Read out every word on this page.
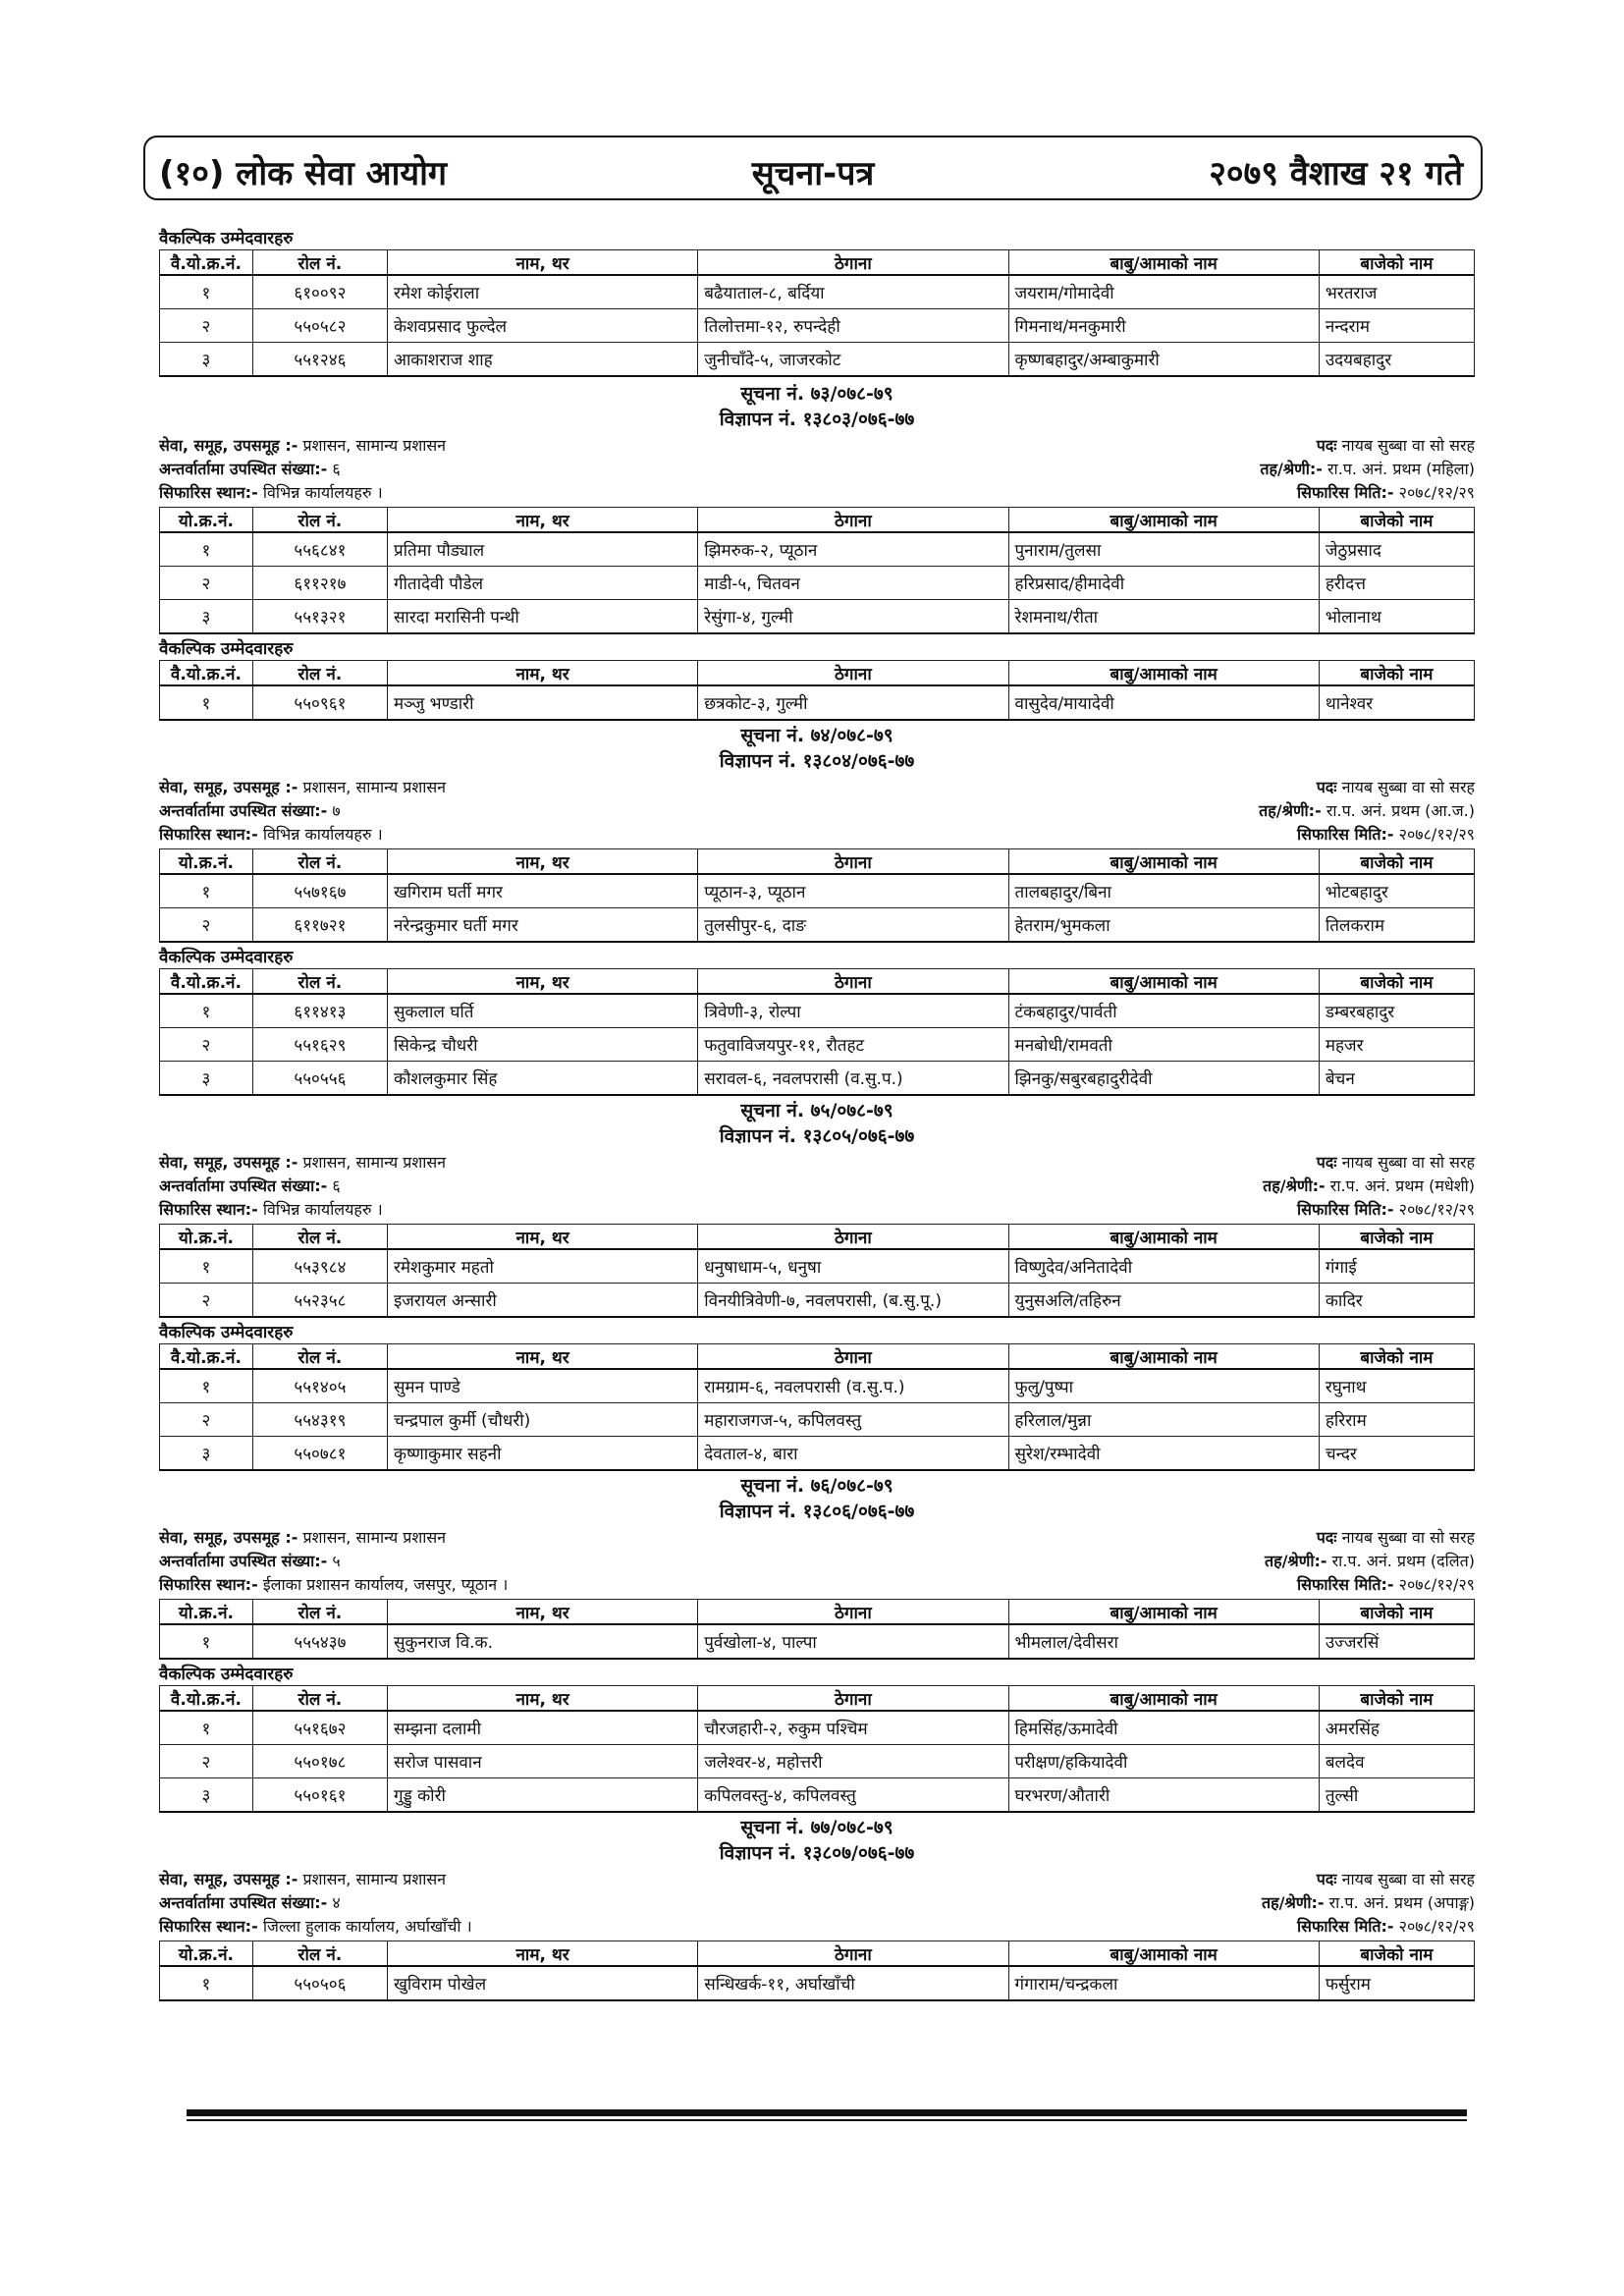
(१०) लोक सेवा आयोग	सूचना-पत्र	२०७९ वैशाख २१ गते
वैकल्पिक उम्मेदवारहरु
वै.यो.क्र.नं.	रोल नं.	नाम, थर	ठेगाना	बाबु/आमाको नाम	बाजेको नाम
१	६१००९२	रमेश कोईराला	बढैयाताल-८, बर्दिया	जयराम/गोमादेवी	भरतराज
२	५५०५८२	केशवप्रसाद फुल्देल	तिलोत्तमा-१२, रुपन्देही	गिमनाथ/मनकुमारी	नन्दराम
३	५५१२४६	आकाशराज शाह	जुनीचाँदे-५, जाजरकोट	कृष्णबहादुर/अम्बाकुमारी	उदयबहादुर
सूचना नं. ७३/०७८-७९
विज्ञापन नं. १३८०३/०७६-७७
सेवा, समूह, उपसमूह :- प्रशासन, सामान्य प्रशासन	पदः नायब सुब्बा वा सो सरह
अन्तर्वार्तामा उपस्थित संख्या:- ६	तह/श्रेणी:- रा.प. अनं. प्रथम (महिला)
सिफारिस स्थान:- विभिन्न कार्यालयहरु ।	सिफारिस मिति:- २०७८/१२/२९
यो.क्र.नं.	रोल नं.	नाम, थर	ठेगाना	बाबु/आमाको नाम	बाजेको नाम
१	५५६८४१	प्रतिमा पौड्याल	झिमरुक-२, प्यूठान	पुनाराम/तुलसा	जेठुप्रसाद
२	६११२१७	गीतादेवी पौडेल	माडी-५, चितवन	हरिप्रसाद/हीमादेवी	हरीदत्त
३	५५१३२१	सारदा मरासिनी पन्थी	रेसुंगा-४, गुल्मी	रेशमनाथ/रीता	भोलानाथ
वैकल्पिक उम्मेदवारहरु
वै.यो.क्र.नं.	रोल नं.	नाम, थर	ठेगाना	बाबु/आमाको नाम	बाजेको नाम
१	५५०९६१	मञ्जु भण्डारी	छत्रकोट-३, गुल्मी	वासुदेव/मायादेवी	थानेश्वर
सूचना नं. ७४/०७८-७९
विज्ञापन नं. १३८०४/०७६-७७
सेवा, समूह, उपसमूह :- प्रशासन, सामान्य प्रशासन	पदः नायब सुब्बा वा सो सरह
अन्तर्वार्तामा उपस्थित संख्या:- ७	तह/श्रेणी:- रा.प. अनं. प्रथम (आ.ज.)
सिफारिस स्थान:- विभिन्न कार्यालयहरु ।	सिफारिस मिति:- २०७८/१२/२९
यो.क्र.नं.	रोल नं.	नाम, थर	ठेगाना	बाबु/आमाको नाम	बाजेको नाम
१	५५७१६७	खगिराम घर्ती मगर	प्यूठान-३, प्यूठान	तालबहादुर/बिना	भोटबहादुर
२	६११७२१	नरेन्द्रकुमार घर्ती मगर	तुलसीपुर-६, दाङ	हेतराम/भुमकला	तिलकराम
वैकल्पिक उम्मेदवारहरु
वै.यो.क्र.नं.	रोल नं.	नाम, थर	ठेगाना	बाबु/आमाको नाम	बाजेको नाम
१	६११४१३	सुकलाल घर्ति	त्रिवेणी-३, रोल्पा	टंकबहादुर/पार्वती	डम्बरबहादुर
२	५५१६२९	सिकेन्द्र चौधरी	फतुवाविजयपुर-११, रौतहट	मनबोधी/रामवती	महजर
३	५५०५५६	कौशलकुमार सिंह	सरावल-६, नवलपरासी (व.सु.प.)	झिनकु/सबुरबहादुरीदेवी	बेचन
सूचना नं. ७५/०७८-७९
विज्ञापन नं. १३८०५/०७६-७७
सेवा, समूह, उपसमूह :- प्रशासन, सामान्य प्रशासन	पदः नायब सुब्बा वा सो सरह
अन्तर्वार्तामा उपस्थित संख्या:- ६	तह/श्रेणी:- रा.प. अनं. प्रथम (मधेशी)
सिफारिस स्थान:- विभिन्न कार्यालयहरु ।	सिफारिस मिति:- २०७८/१२/२९
यो.क्र.नं.	रोल नं.	नाम, थर	ठेगाना	बाबु/आमाको नाम	बाजेको नाम
१	५५३९८४	रमेशकुमार महतो	धनुषाधाम-५, धनुषा	विष्णुदेव/अनितादेवी	गंगाई
२	५५२३५८	इजरायल अन्सारी	विनयीत्रिवेणी-७, नवलपरासी, (ब.सु.पू.)	युनुसअलि/तहिरुन	कादिर
वैकल्पिक उम्मेदवारहरु
वै.यो.क्र.नं.	रोल नं.	नाम, थर	ठेगाना	बाबु/आमाको नाम	बाजेको नाम
१	५५१४०५	सुमन पाण्डे	रामग्राम-६, नवलपरासी (व.सु.प.)	फुलु/पुष्पा	रघुनाथ
२	५५४३१९	चन्द्रपाल कुर्मी (चौधरी)	महाराजगज-५, कपिलवस्तु	हरिलाल/मुन्ना	हरिराम
३	५५०७८१	कृष्णाकुमार सहनी	देवताल-४, बारा	सुरेश/रम्भादेवी	चन्दर
सूचना नं. ७६/०७८-७९
विज्ञापन नं. १३८०६/०७६-७७
सेवा, समूह, उपसमूह :- प्रशासन, सामान्य प्रशासन	पदः नायब सुब्बा वा सो सरह
अन्तर्वार्तामा उपस्थित संख्या:- ५	तह/श्रेणी:- रा.प. अनं. प्रथम (दलित)
सिफारिस स्थान:- ईलाका प्रशासन कार्यालय, जसपुर, प्यूठान ।	सिफारिस मिति:- २०७८/१२/२९
यो.क्र.नं.	रोल नं.	नाम, थर	ठेगाना	बाबु/आमाको नाम	बाजेको नाम
१	५५५४३७	सुकुनराज वि.क.	पुर्वखोला-४, पाल्पा	भीमलाल/देवीसरा	उज्जरसिं
वैकल्पिक उम्मेदवारहरु
वै.यो.क्र.नं.	रोल नं.	नाम, थर	ठेगाना	बाबु/आमाको नाम	बाजेको नाम
१	५५१६७२	सम्झना दलामी	चौरजहारी-२, रुकुम पश्चिम	हिमसिंह/ऊमादेवी	अमरसिंह
२	५५०१७८	सरोज पासवान	जलेश्वर-४, महोत्तरी	परीक्षण/हकियादेवी	बलदेव
३	५५०१६१	गुड्डु कोरी	कपिलवस्तु-४, कपिलवस्तु	घरभरण/औतारी	तुल्सी
सूचना नं. ७७/०७८-७९
विज्ञापन नं. १३८०७/०७६-७७
सेवा, समूह, उपसमूह :- प्रशासन, सामान्य प्रशासन	पदः नायब सुब्बा वा सो सरह
अन्तर्वार्तामा उपस्थित संख्या:- ४	तह/श्रेणी:- रा.प. अनं. प्रथम (अपाङ्ग)
सिफारिस स्थान:- जिल्ला हुलाक कार्यालय, अर्घाखाँची ।	सिफारिस मिति:- २०७८/१२/२९
यो.क्र.नं.	रोल नं.	नाम, थर	ठेगाना	बाबु/आमाको नाम	बाजेको नाम
१	५५०५०६	खुविराम पोखेल	सन्धिखर्क-११, अर्घाखाँची	गंगाराम/चन्द्रकला	फर्सुराम
